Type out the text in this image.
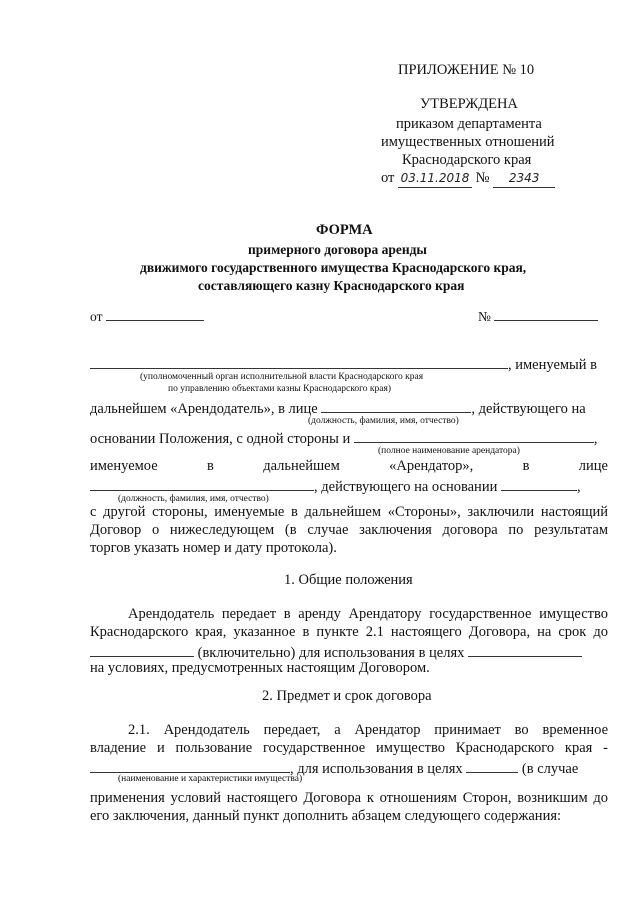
ПРИЛОЖЕНИЕ № 10
УТВЕРЖДЕНА
приказом департамента
имущественных отношений
Краснодарского края
от 03.11.2018 № 2343
ФОРМА
примерного договора аренды
движимого государственного имущества Краснодарского края,
составляющего казну Краснодарского края
от	№
, именуемый в
(уполномоченный орган исполнительной власти Краснодарского края
по управлению объектами казны Краснодарского края)
дальнейшем «Арендодатель», в лице	, действующего на
(должность, фамилия, имя, отчество)
основании Положения, с одной стороны и	,
(полное наименование арендатора)
именуемое	в	дальнейшем	«Арендатор»,	в	лице
, действующего на основании	,
(должность, фамилия, имя, отчество)
с другой стороны, именуемые в дальнейшем «Стороны», заключили настоящий
Договор о нижеследующем (в случае заключения договора по результатам
торгов указать номер и дату протокола).
1. Общие положения
Арендодатель передает в аренду Арендатору государственное имущество
Краснодарского края, указанное в пункте 2.1 настоящего Договора, на срок до
(включительно) для использования в целях
на условиях, предусмотренных настоящим Договором.
2. Предмет и срок договора
2.1. Арендодатель передает, а Арендатор принимает во временное
владение и пользование государственное имущество Краснодарского края -
, для использования в целях	(в случае
(наименование и характеристики имущества)
применения условий настоящего Договора к отношениям Сторон, возникшим до
его заключения, данный пункт дополнить абзацем следующего содержания:
